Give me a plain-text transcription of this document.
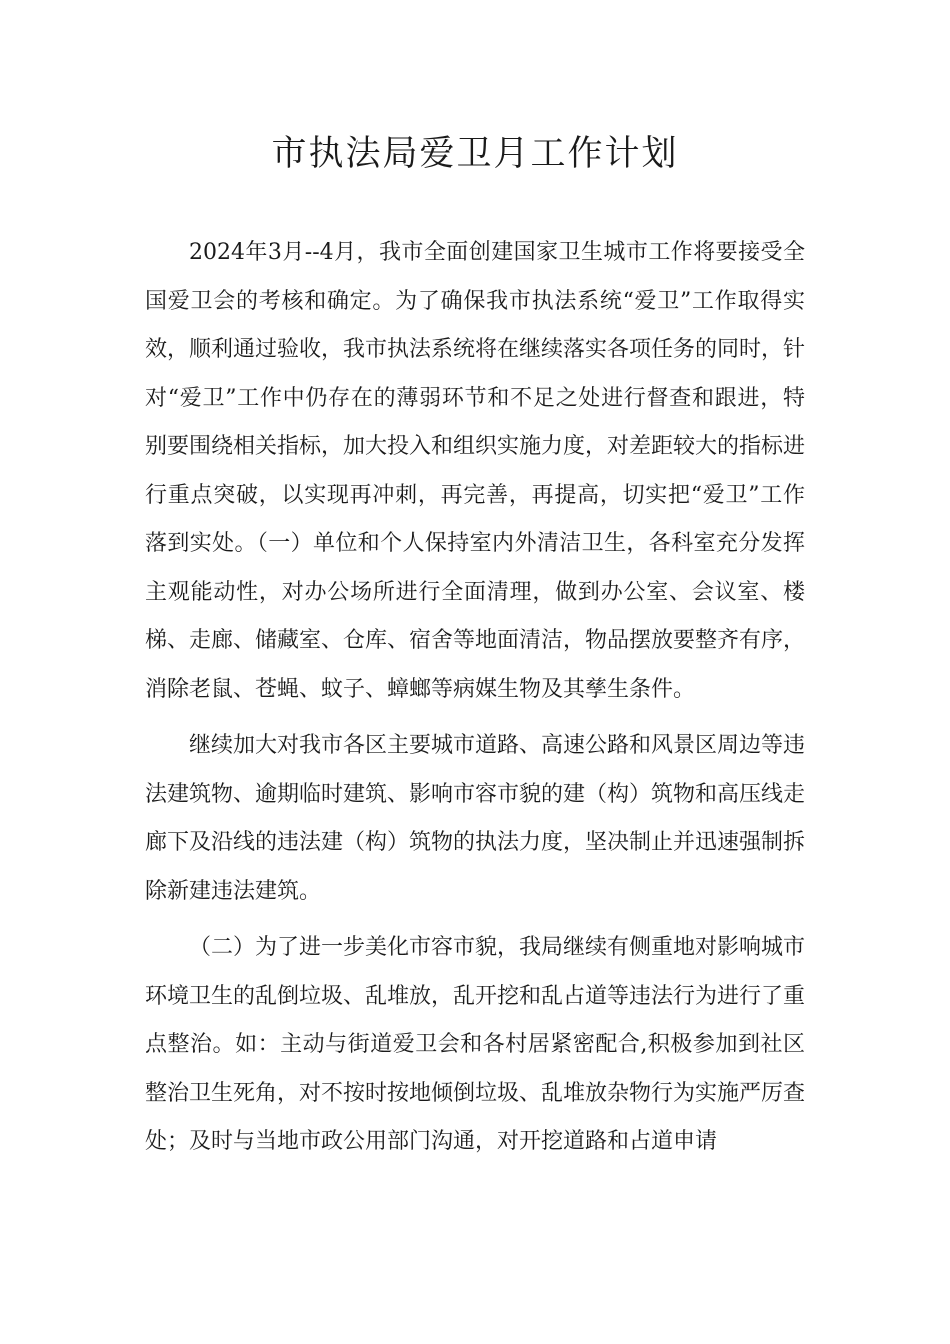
市执法局爱卫月工作计划

2024年3月--4月，我市全面创建国家卫生城市工作将要接受全国爱卫会的考核和确定。为了确保我市执法系统“爱卫”工作取得实效，顺利通过验收，我市执法系统将在继续落实各项任务的同时，针对“爱卫”工作中仍存在的薄弱环节和不足之处进行督查和跟进，特别要围绕相关指标，加大投入和组织实施力度，对差距较大的指标进行重点突破，以实现再冲刺，再完善，再提高，切实把“爱卫”工作落到实处。（一）单位和个人保持室内外清洁卫生，各科室充分发挥主观能动性，对办公场所进行全面清理，做到办公室、会议室、楼梯、走廊、储藏室、仓库、宿舍等地面清洁，物品摆放要整齐有序，消除老鼠、苍蝇、蚊子、蟑螂等病媒生物及其孳生条件。

继续加大对我市各区主要城市道路、高速公路和风景区周边等违法建筑物、逾期临时建筑、影响市容市貌的建（构）筑物和高压线走廊下及沿线的违法建（构）筑物的执法力度，坚决制止并迅速强制拆除新建违法建筑。

（二）为了进一步美化市容市貌，我局继续有侧重地对影响城市环境卫生的乱倒垃圾、乱堆放，乱开挖和乱占道等违法行为进行了重点整治。如：主动与街道爱卫会和各村居紧密配合,积极参加到社区整治卫生死角，对不按时按地倾倒垃圾、乱堆放杂物行为实施严厉查处；及时与当地市政公用部门沟通，对开挖道路和占道申请
